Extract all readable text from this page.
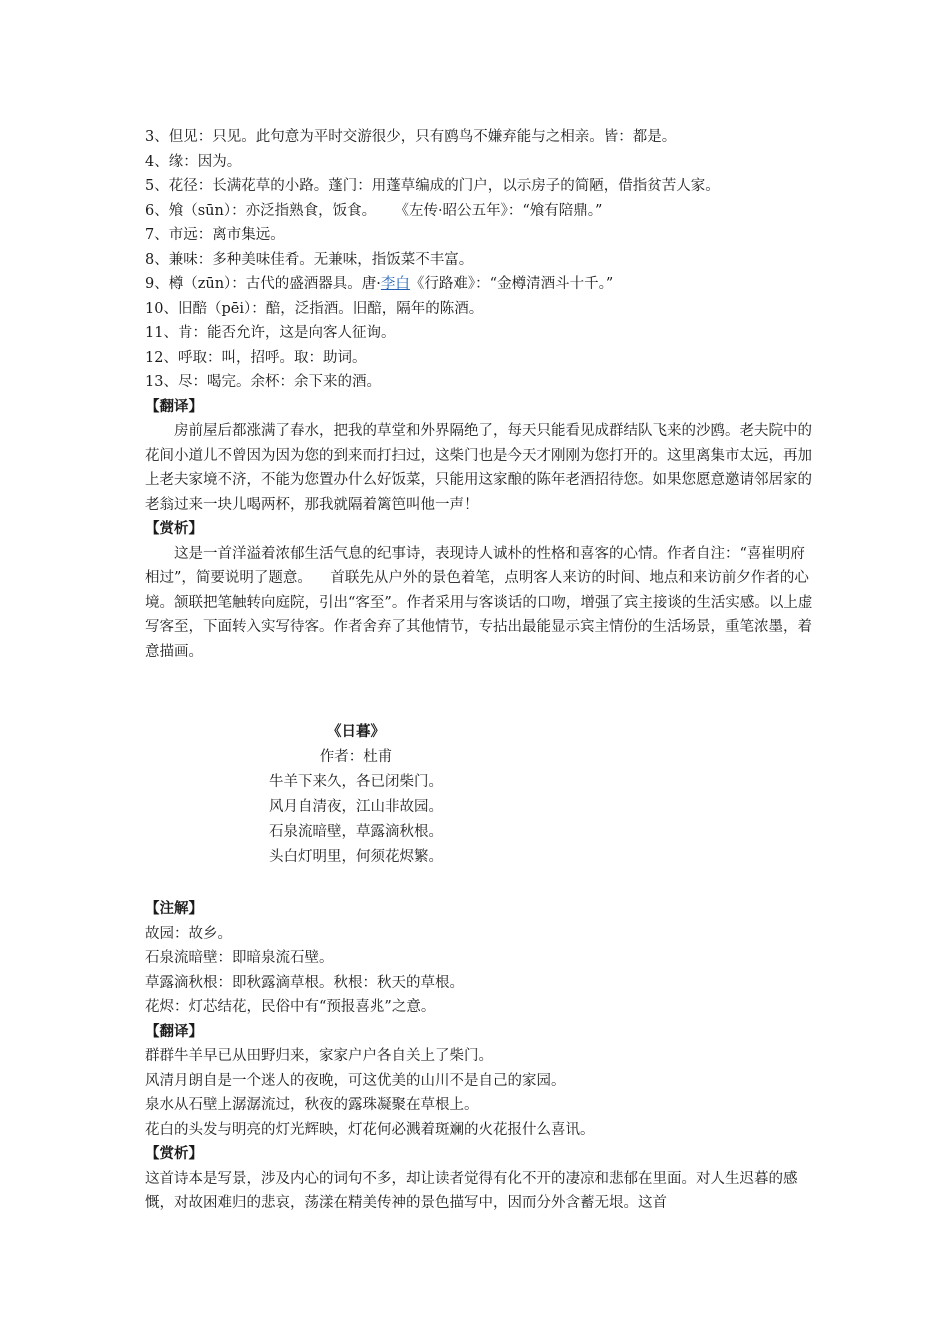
3、但见：只见。此句意为平时交游很少，只有鸥鸟不嫌弃能与之相亲。皆：都是。
4、缘：因为。
5、花径：长满花草的小路。蓬门：用蓬草编成的门户，以示房子的简陋，借指贫苦人家。
6、飧（sūn）：亦泛指熟食，饭食。    《左传·昭公五年》：“飧有陪鼎。”
7、市远：离市集远。
8、兼味：多种美味佳肴。无兼味，指饭菜不丰富。
9、樽（zūn）：古代的盛酒器具。唐·李白《行路难》：“金樽清酒斗十千。”
10、旧醅（pēi）：醅，泛指酒。旧醅，隔年的陈酒。
11、肯：能否允许，这是向客人征询。
12、呼取：叫，招呼。取：助词。
13、尽：喝完。余杯：余下来的酒。
【翻译】

房前屋后都涨满了春水，把我的草堂和外界隔绝了，每天只能看见成群结队飞来的沙鸥。老夫院中的花间小道儿不曾因为因为您的到来而打扫过，这柴门也是今天才刚刚为您打开的。这里离集市太远，再加上老夫家境不济，不能为您置办什么好饭菜，只能用这家酿的陈年老酒招待您。如果您愿意邀请邻居家的老翁过来一块儿喝两杯，那我就隔着篱笆叫他一声！

【赏析】

这是一首洋溢着浓郁生活气息的纪事诗，表现诗人诚朴的性格和喜客的心情。作者自注：“喜崔明府相过”，简要说明了题意。    首联先从户外的景色着笔，点明客人来访的时间、地点和来访前夕作者的心境。颔联把笔触转向庭院，引出“客至”。作者采用与客谈话的口吻，增强了宾主接谈的生活实感。以上虚写客至，下面转入实写待客。作者舍弃了其他情节，专拈出最能显示宾主情份的生活场景，重笔浓墨，着意描画。

《日暮》
作者：杜甫
牛羊下来久，各已闭柴门。
风月自清夜，江山非故园。
石泉流暗壁，草露滴秋根。
头白灯明里，何须花烬繁。
【注解】
故园：故乡。
石泉流暗壁：即暗泉流石壁。
草露滴秋根：即秋露滴草根。秋根：秋天的草根。
花烬：灯芯结花，民俗中有“预报喜兆”之意。
【翻译】
群群牛羊早已从田野归来，家家户户各自关上了柴门。
风清月朗自是一个迷人的夜晚，可这优美的山川不是自己的家园。
泉水从石壁上潺潺流过，秋夜的露珠凝聚在草根上。
花白的头发与明亮的灯光辉映，灯花何必溅着斑斓的火花报什么喜讯。
【赏析】

这首诗本是写景，涉及内心的词句不多，却让读者觉得有化不开的凄凉和悲郁在里面。对人生迟暮的感慨，对故困难归的悲哀，荡漾在精美传神的景色描写中，因而分外含蓄无垠。这首
